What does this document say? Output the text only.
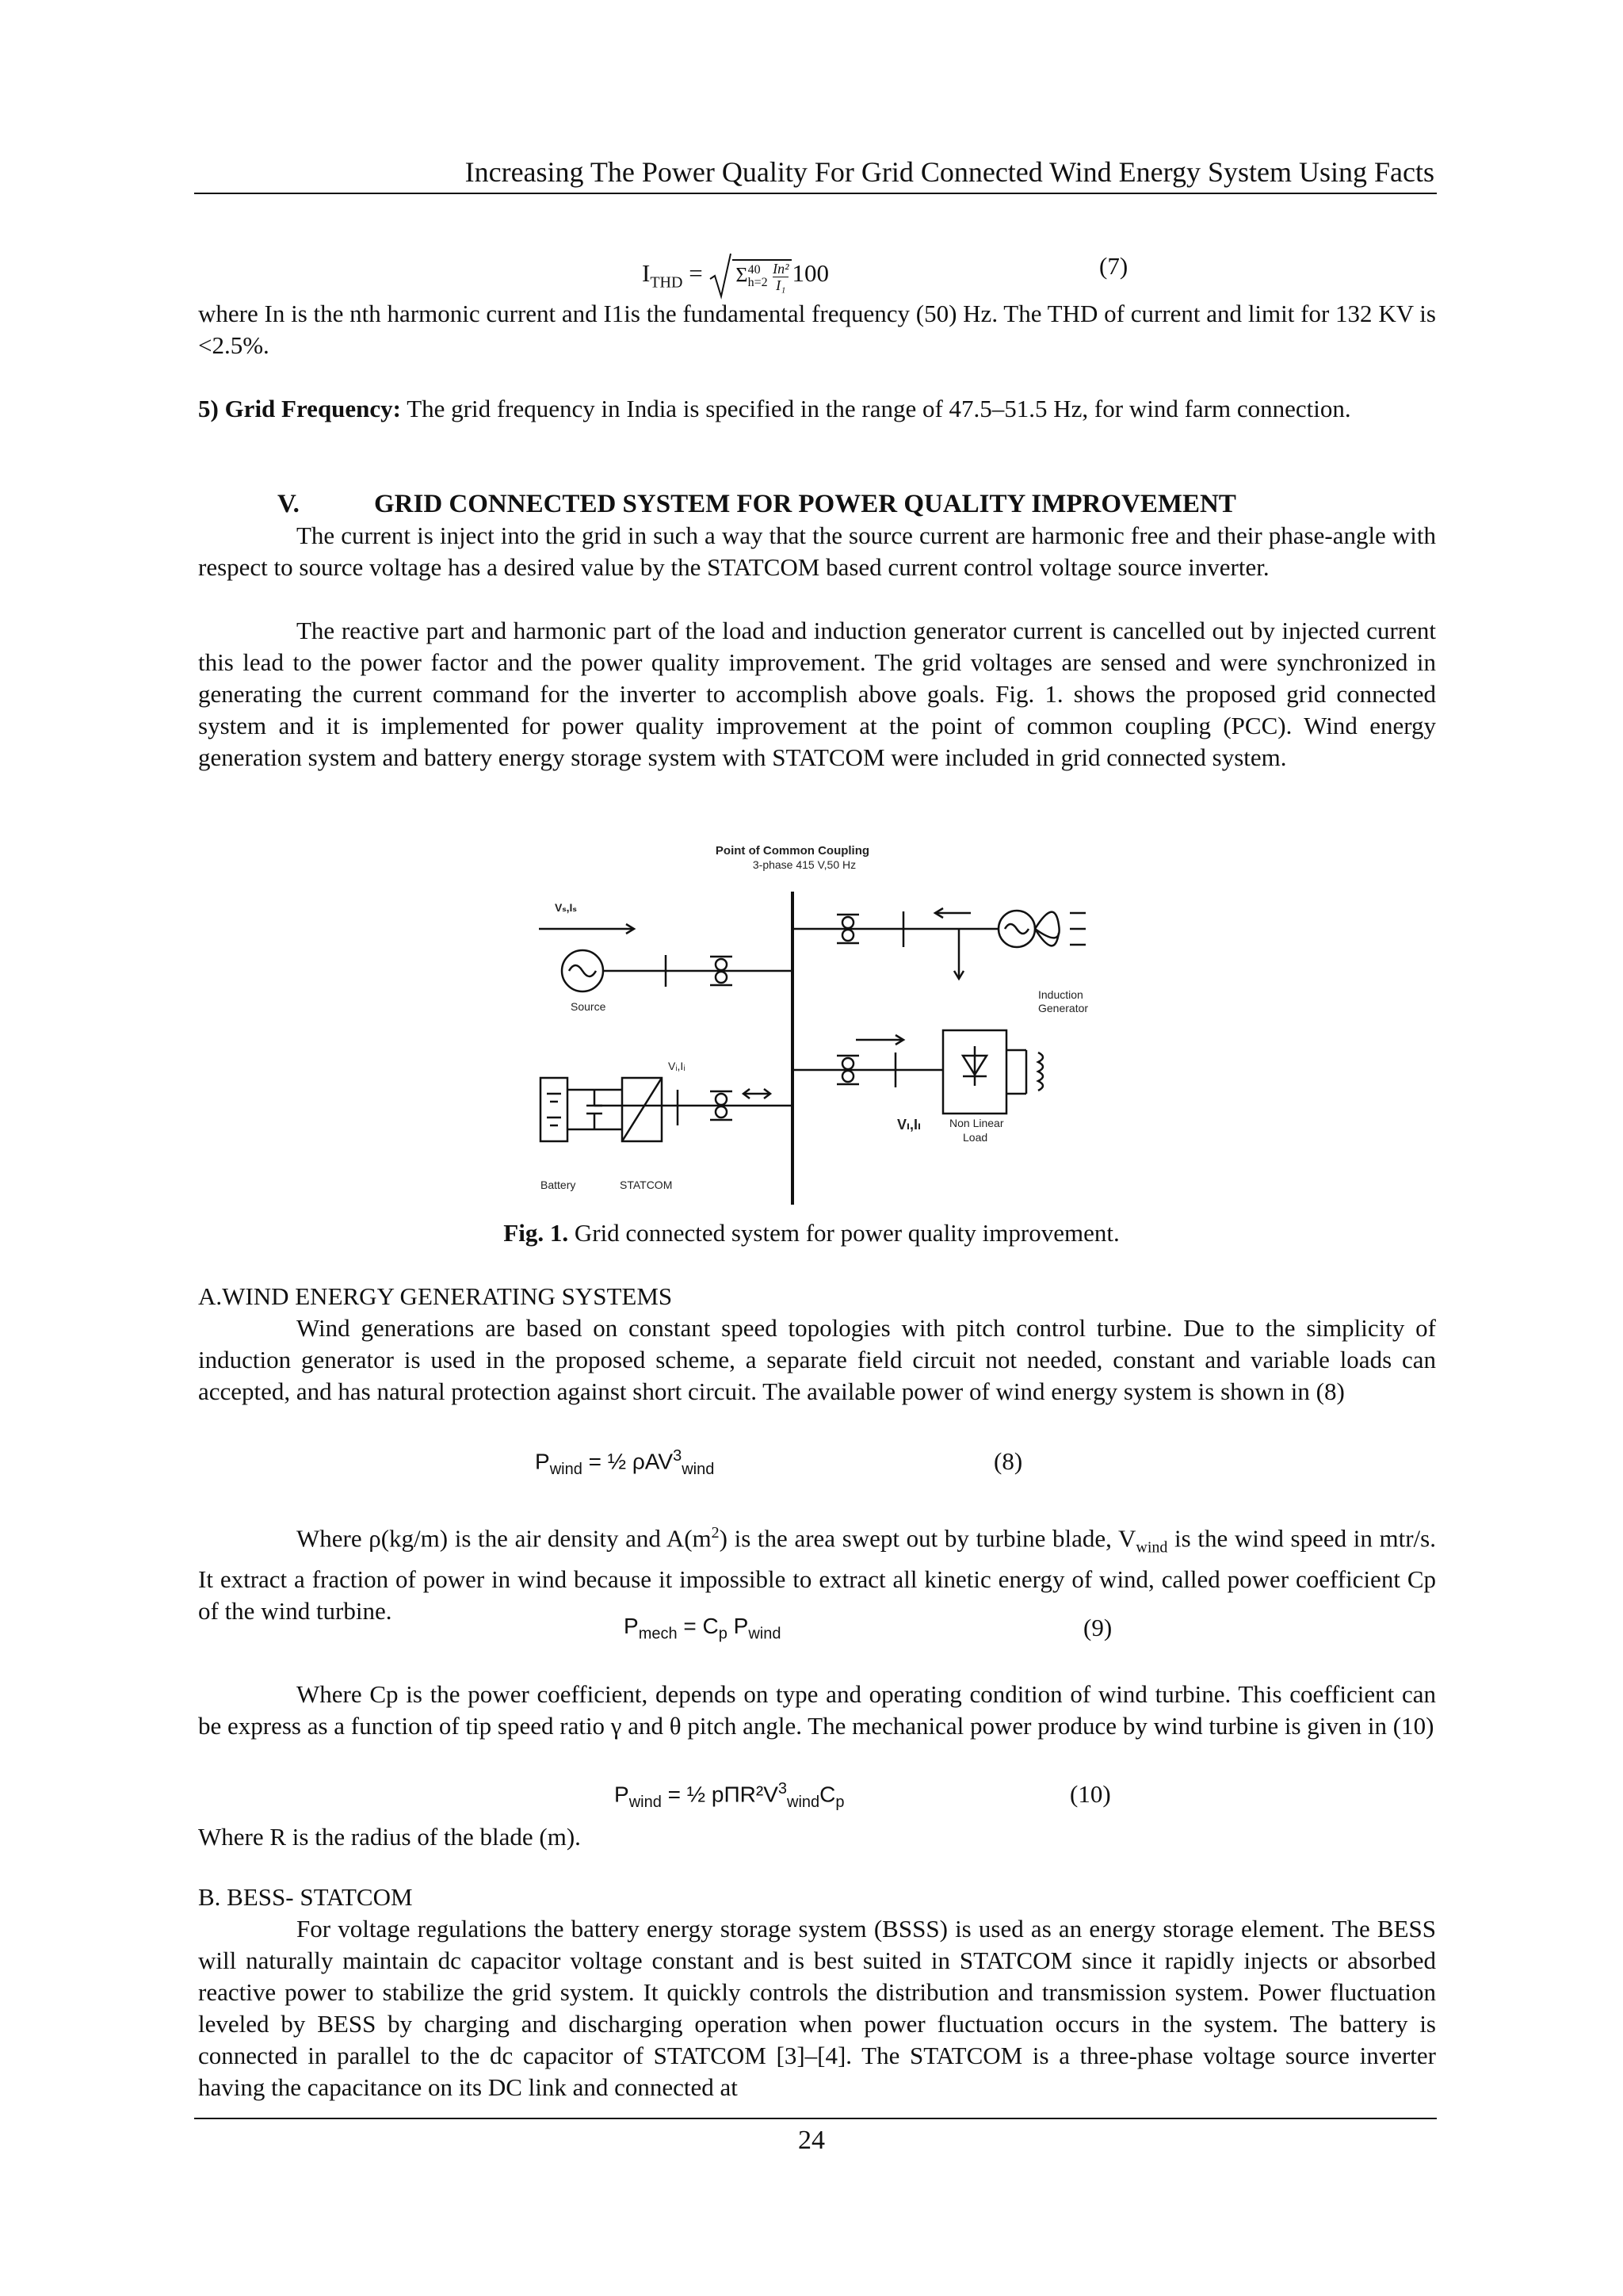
Increasing The Power Quality For Grid Connected Wind Energy System Using Facts
$I_{THD} = \Sigma$ 40
h=2
$\frac{\text{In²}}{\text{I₁}} 100$	(7)
where In is the nth harmonic current and I1is the fundamental frequency (50) Hz. The THD of current and limit for 132 KV is <2.5%.
5) Grid Frequency: The grid frequency in India is specified in the range of 47.5–51.5 Hz, for wind farm connection.
V.	GRID CONNECTED SYSTEM FOR POWER QUALITY IMPROVEMENT
The current is inject into the grid in such a way that the source current are harmonic free and their phase-angle with respect to source voltage has a desired value by the STATCOM based current control voltage source inverter.
The reactive part and harmonic part of the load and induction generator current is cancelled out by injected current this lead to the power factor and the power quality improvement. The grid voltages are sensed and were synchronized in generating the current command for the inverter to accomplish above goals. Fig. 1. shows the proposed grid connected system and it is implemented for power quality improvement at the point of common coupling (PCC). Wind energy generation system and battery energy storage system with STATCOM were included in grid connected system.
Point of Common Coupling
3-phase 415 V,50 Hz
Vₛ,Iₛ
Source
Induction
Generator
Vᵢ,Iᵢ
Vₗ,Iₗ	Non Linear
Load
Battery	STATCOM
Fig. 1. Grid connected system for power quality improvement.
A.WIND ENERGY GENERATING SYSTEMS
Wind generations are based on constant speed topologies with pitch control turbine. Due to the simplicity of induction generator is used in the proposed scheme, a separate field circuit not needed, constant and variable loads can accepted, and has natural protection against short circuit. The available power of wind energy system is shown in (8)
$P_{wind}$ = ½ ρAV$^3_{wind}$	(8)
Where ρ(kg/m) is the air density and $A(m^2)$ is the area swept out by turbine blade, $V_{wind}$ is the wind speed in mtr/s. It extract a fraction of power in wind because it impossible to extract all kinetic energy of wind, called power coefficient Cp of the wind turbine.
$P_{mech} = C_p$ $P_{wind}$	(9)
Where Cp is the power coefficient, depends on type and operating condition of wind turbine. This coefficient can be express as a function of tip speed ratio γ and θ pitch angle. The mechanical power produce by wind turbine is given in (10)
$P_{wind}$ = ½ $p\Pi R^2V^3_{wind}C_p$	(10)
Where R is the radius of the blade (m).
B. BESS- STATCOM
For voltage regulations the battery energy storage system (BSSS) is used as an energy storage element. The BESS will naturally maintain dc capacitor voltage constant and is best suited in STATCOM since it rapidly injects or absorbed reactive power to stabilize the grid system. It quickly controls the distribution and transmission system. Power fluctuation leveled by BESS by charging and discharging operation when power fluctuation occurs in the system. The battery is connected in parallel to the dc capacitor of STATCOM [3]–[4]. The STATCOM is a three-phase voltage source inverter having the capacitance on its DC link and connected at
24
